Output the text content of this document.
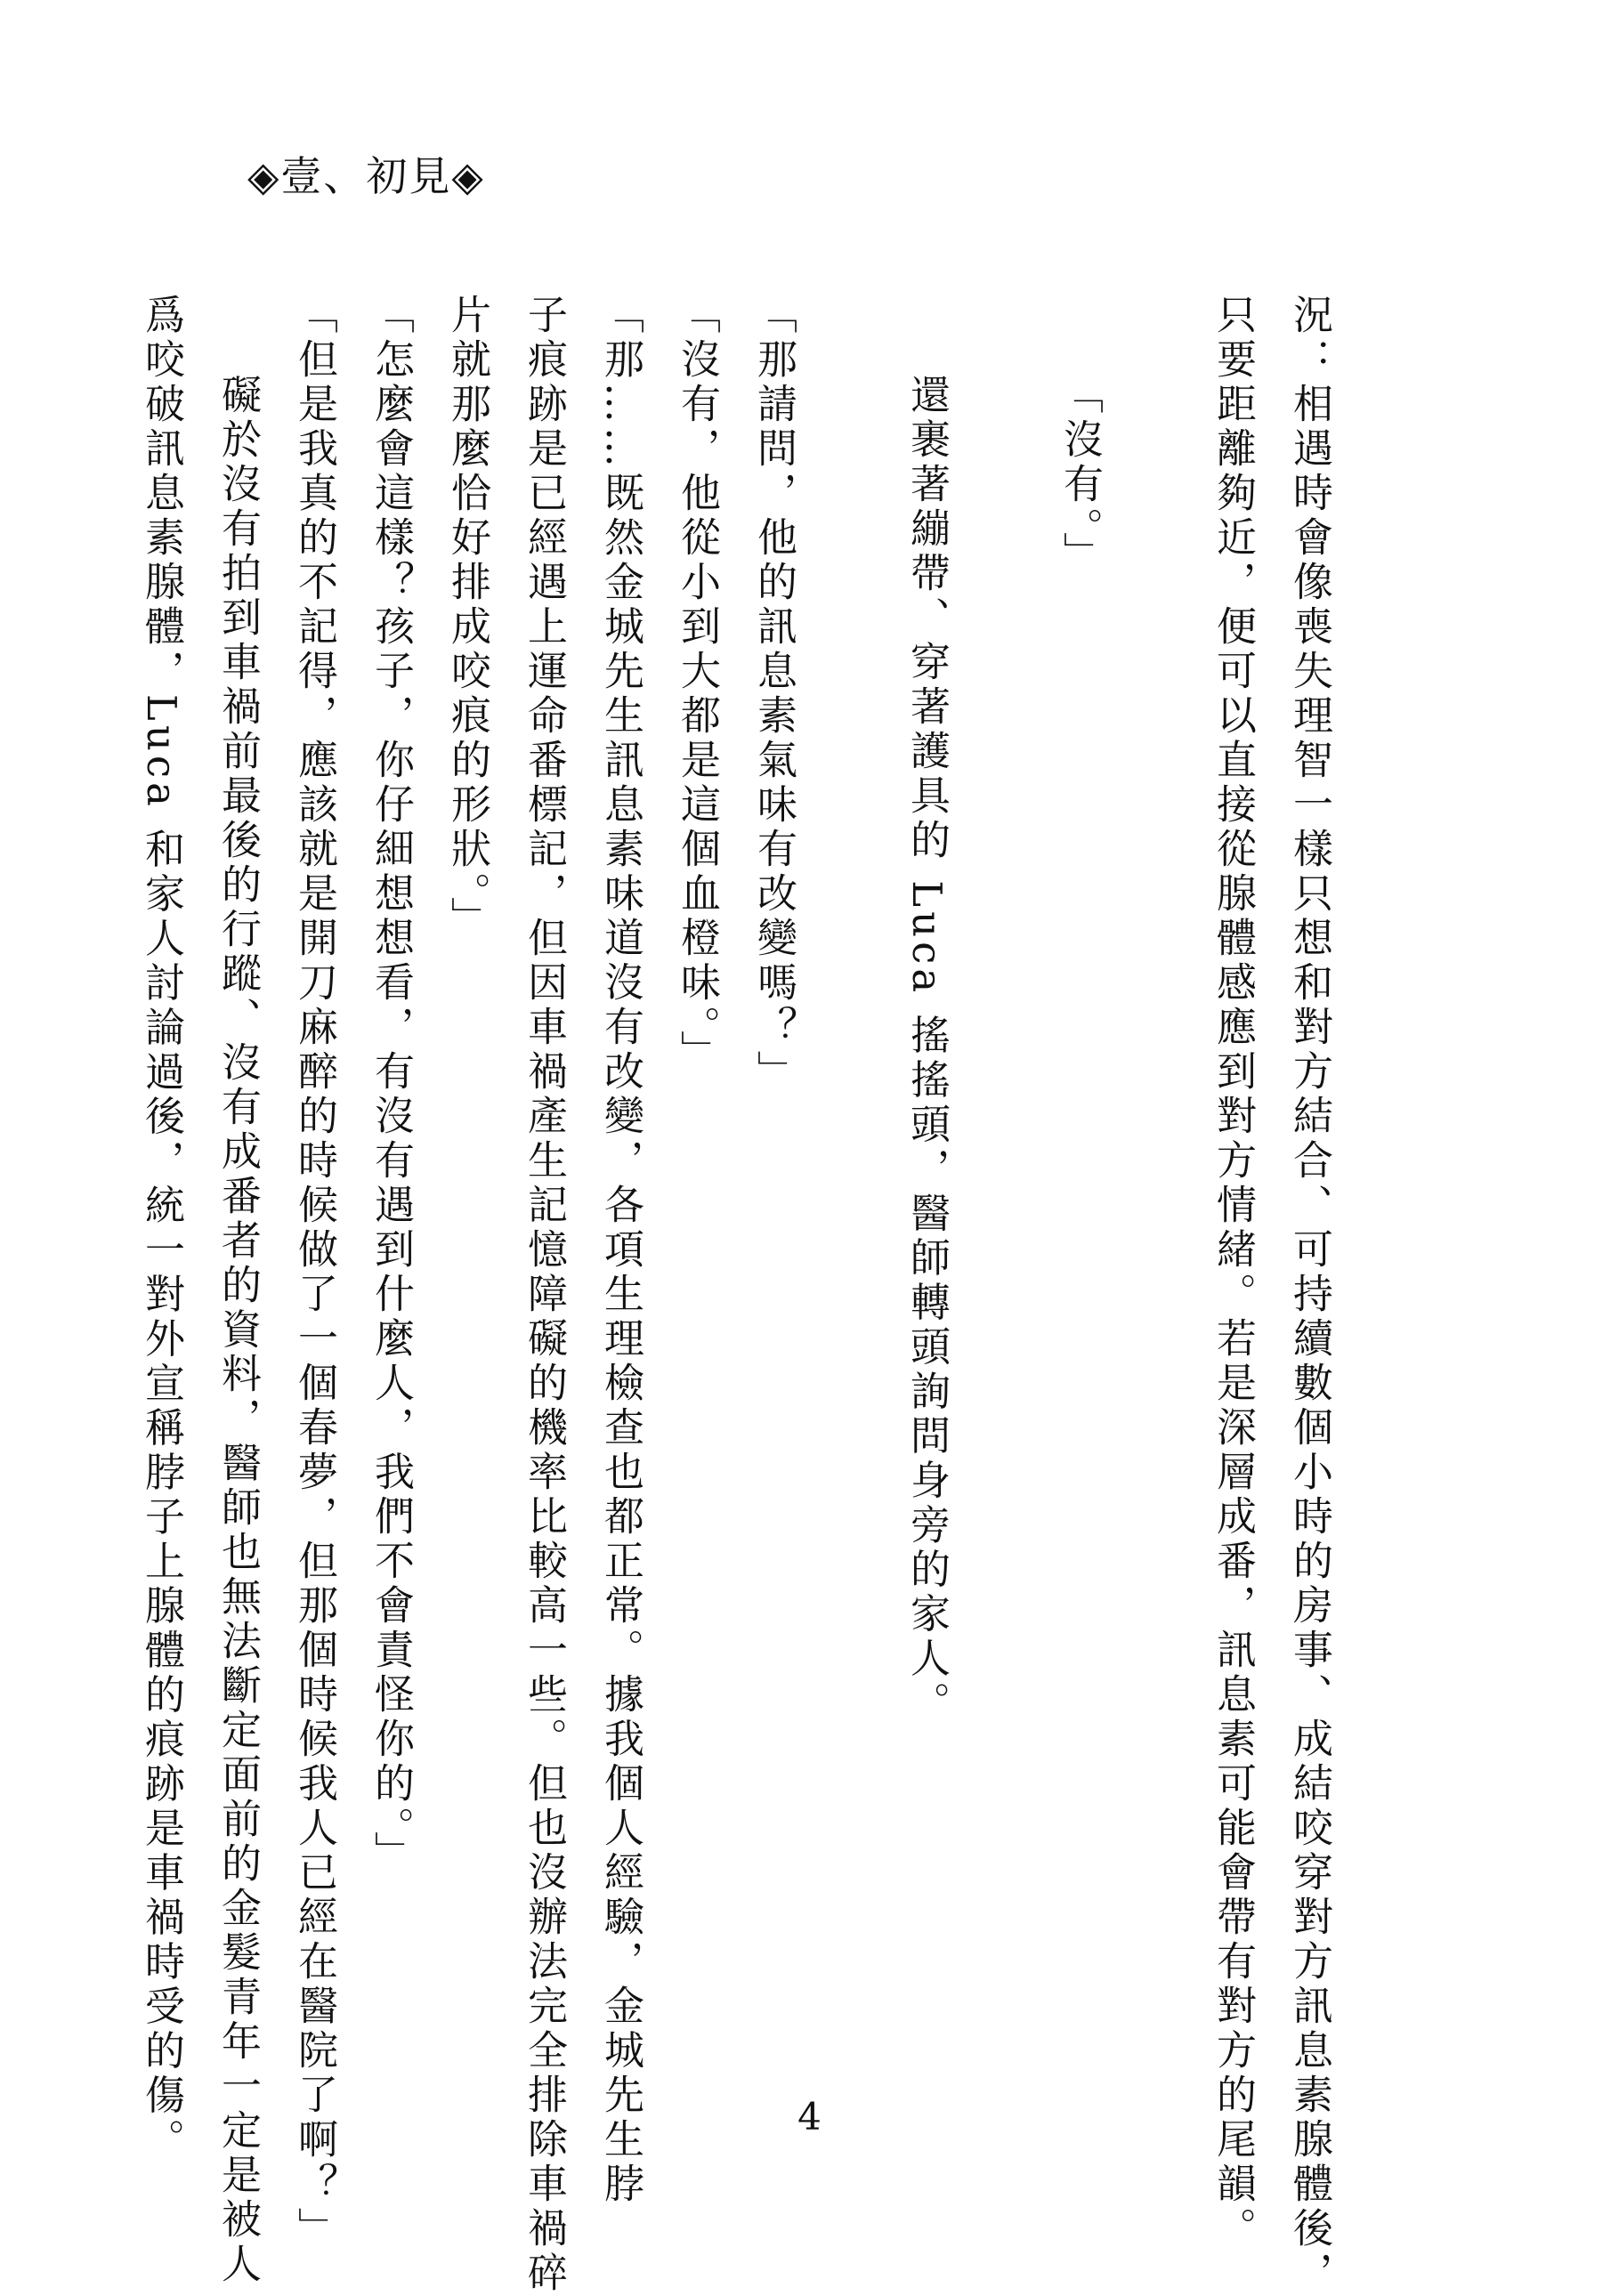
◈壹、初見◈

況：相遇時會像喪失理智一樣只想和對方結合、可持續數個小時的房事、成結咬穿對方訊息素腺體後，

只要距離夠近，便可以直接從腺體感應到對方情緒。若是深層成番，訊息素可能會帶有對方的尾韻。

「沒有。」

還裹著繃帶、穿著護具的 Luca 搖搖頭，醫師轉頭詢問身旁的家人。

「那請問，他的訊息素氣味有改變嗎？」

「沒有，他從小到大都是這個血橙味。」

「那……既然金城先生訊息素味道沒有改變，各項生理檢查也都正常。據我個人經驗，金城先生脖

子痕跡是已經遇上運命番標記，但因車禍產生記憶障礙的機率比較高一些。但也沒辦法完全排除車禍碎

片就那麼恰好排成咬痕的形狀。」

「怎麼會這樣？孩子，你仔細想想看，有沒有遇到什麼人，我們不會責怪你的。」

「但是我真的不記得，應該就是開刀麻醉的時候做了一個春夢，但那個時候我人已經在醫院了啊？」

礙於沒有拍到車禍前最後的行蹤、沒有成番者的資料，醫師也無法斷定面前的金髮青年一定是被人

爲咬破訊息素腺體，Luca 和家人討論過後，統一對外宣稱脖子上腺體的痕跡是車禍時受的傷。	4
